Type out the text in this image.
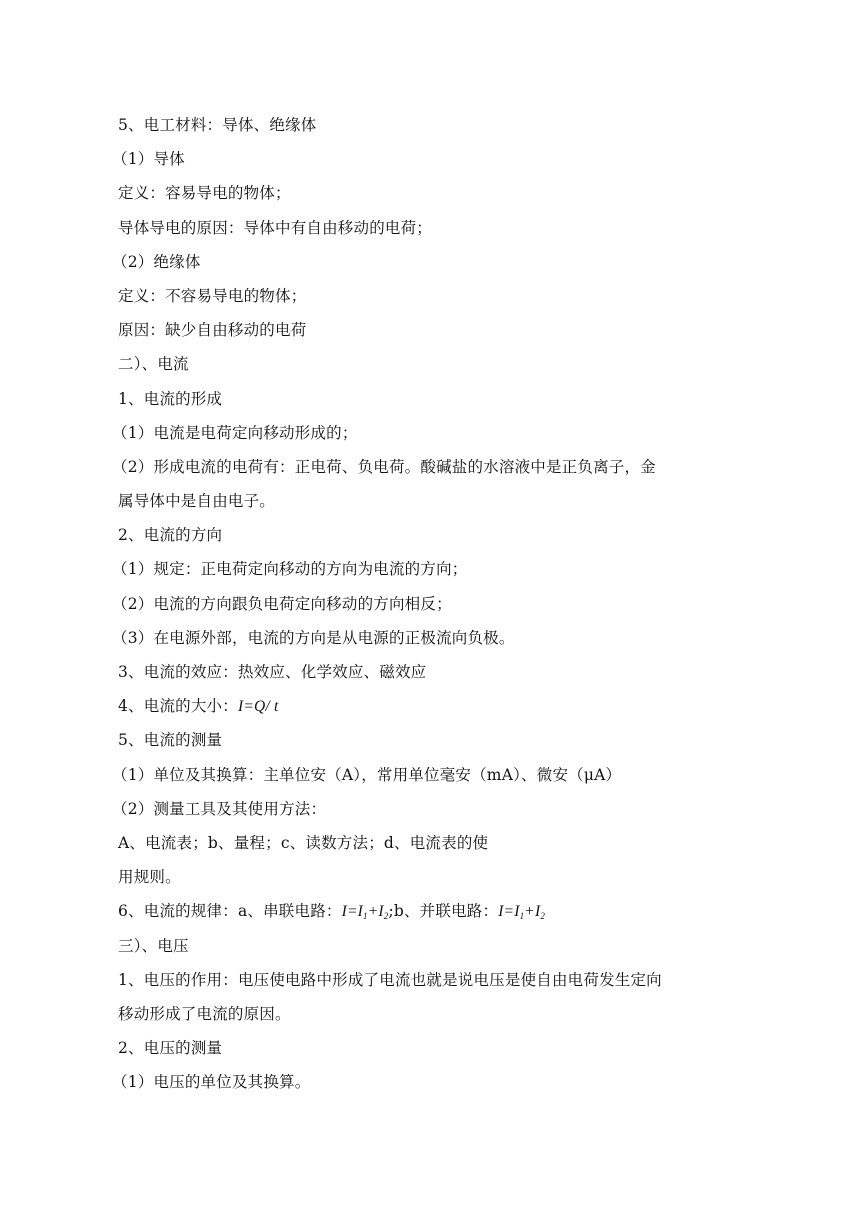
5、电工材料：导体、绝缘体
（1）导体
定义：容易导电的物体；
导体导电的原因：导体中有自由移动的电荷；
（2）绝缘体
定义：不容易导电的物体；
原因：缺少自由移动的电荷
二）、电流
1、电流的形成
（1）电流是电荷定向移动形成的；
（2）形成电流的电荷有：正电荷、负电荷。酸碱盐的水溶液中是正负离子，金
属导体中是自由电子。
2、电流的方向
（1）规定：正电荷定向移动的方向为电流的方向；
（2）电流的方向跟负电荷定向移动的方向相反；
（3）在电源外部，电流的方向是从电源的正极流向负极。
3、电流的效应：热效应、化学效应、磁效应
4、电流的大小：I=Q/ t
5、电流的测量
（1）单位及其换算：主单位安（A），常用单位毫安（mA）、微安（μA）
（2）测量工具及其使用方法：
A、电流表；b、量程；c、读数方法；d、电流表的使
用规则。
6、电流的规律：a、串联电路：$I=I_1+I_2;b$、并联电路：$I=I_1+I_2$
三）、电压
1、电压的作用：电压使电路中形成了电流也就是说电压是使自由电荷发生定向
移动形成了电流的原因。
2、电压的测量
（1）电压的单位及其换算。
